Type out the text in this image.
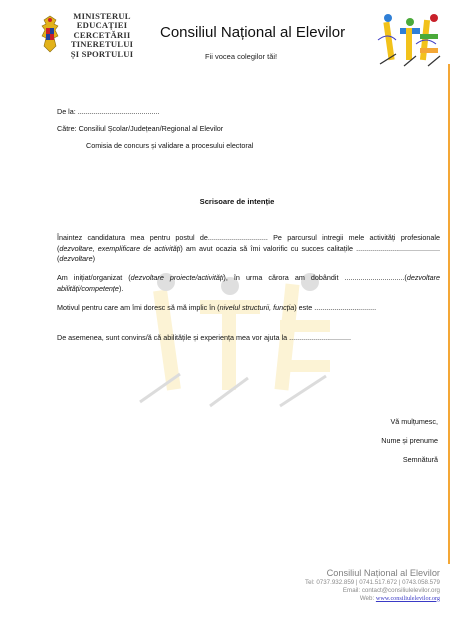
MINISTERUL
EDUCAȚIEI
CERCETĂRII
TINERETULUI
ȘI SPORTULUI
Consiliul Național al Elevilor
Fii vocea colegilor tăi!
De la: .........................................
Către: Consiliul Școlar/Județean/Regional al Elevilor
Comisia de concurs și validare a procesului electoral
Scrisoare de intenție
Înaintez candidatura mea pentru postul de.............................. Pe parcursul intregii mele activități profesionale (dezvoltare, exemplificare de activități) am avut ocazia să îmi valorific cu succes calitațile ..........................................(dezvoltare)
Am inițiat/organizat (dezvoltare proiecte/activități), în urma cărora am dobândit ..............................(dezvoltare abilități/competențe).
Motivul pentru care am îmi doresc să mă implic în (nivelul structurii, funcția) este ...............................
De asemenea, sunt convins/ă că abilitățile și experiența mea vor ajuta la ...............................
Vă mulțumesc,
Nume și prenume
Semnătură
Consiliul Național al Elevilor
Tel: 0737.932.859 | 0741.517.672 | 0743.058.579
Email: contact@consiliulelevilor.org
Web: www.consiliulelevilor.org
